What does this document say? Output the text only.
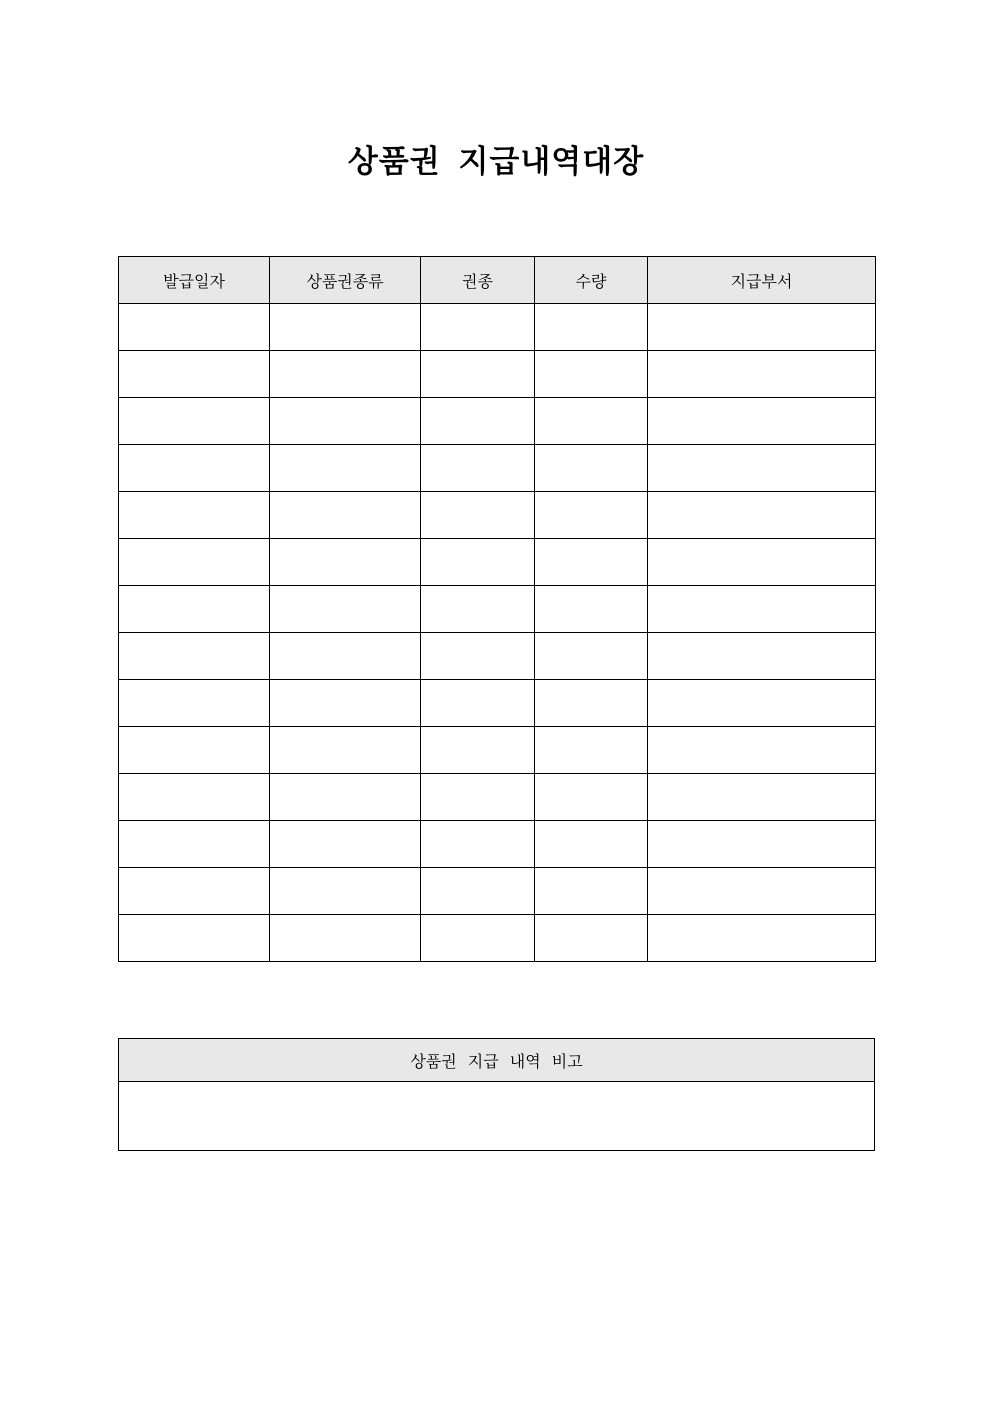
상품권 지급내역대장
발급일자	상품권종류	권종	수량	지급부서

상품권 지급 내역 비고
